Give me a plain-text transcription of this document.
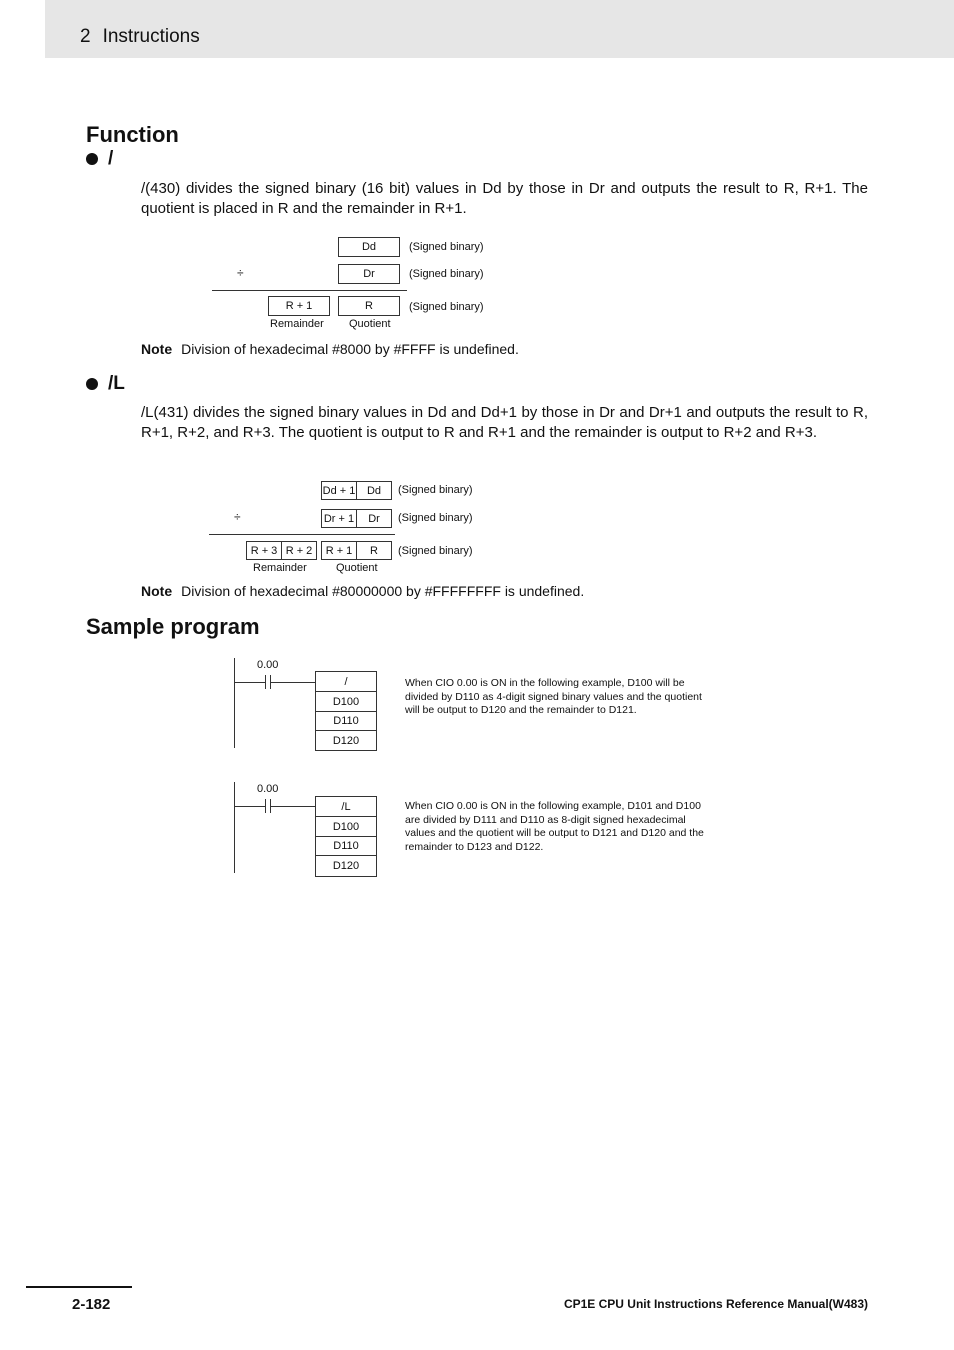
2 Instructions
Function
/
/(430) divides the signed binary (16 bit) values in Dd by those in Dr and outputs the result to R, R+1. The quotient is placed in R and the remainder in R+1.
Dd	(Signed binary)
÷	Dr	(Signed binary)
R + 1	R	(Signed binary)
Remainder Quotient
Note Division of hexadecimal #8000 by #FFFF is undefined.
/L
/L(431) divides the signed binary values in Dd and Dd+1 by those in Dr and Dr+1 and outputs the result to R, R+1, R+2, and R+3. The quotient is output to R and R+1 and the remainder is output to R+2 and R+3.
Dd + 1	Dd	(Signed binary)
÷	Dr + 1	Dr	(Signed binary)
R + 3 R + 2	R + 1	R	(Signed binary)
Remainder	Quotient
Note Division of hexadecimal #80000000 by #FFFFFFFF is undefined.
Sample program
0.00
/
D100
D110
D120
When CIO 0.00 is ON in the following example, D100 will be divided by D110 as 4-digit signed binary values and the quotient will be output to D120 and the remainder to D121.
0.00
/L
D100
D110
D120
When CIO 0.00 is ON in the following example, D101 and D100 are divided by D111 and D110 as 8-digit signed hexadecimal values and the quotient will be output to D121 and D120 and the remainder to D123 and D122.
2-182	CP1E CPU Unit Instructions Reference Manual(W483)
